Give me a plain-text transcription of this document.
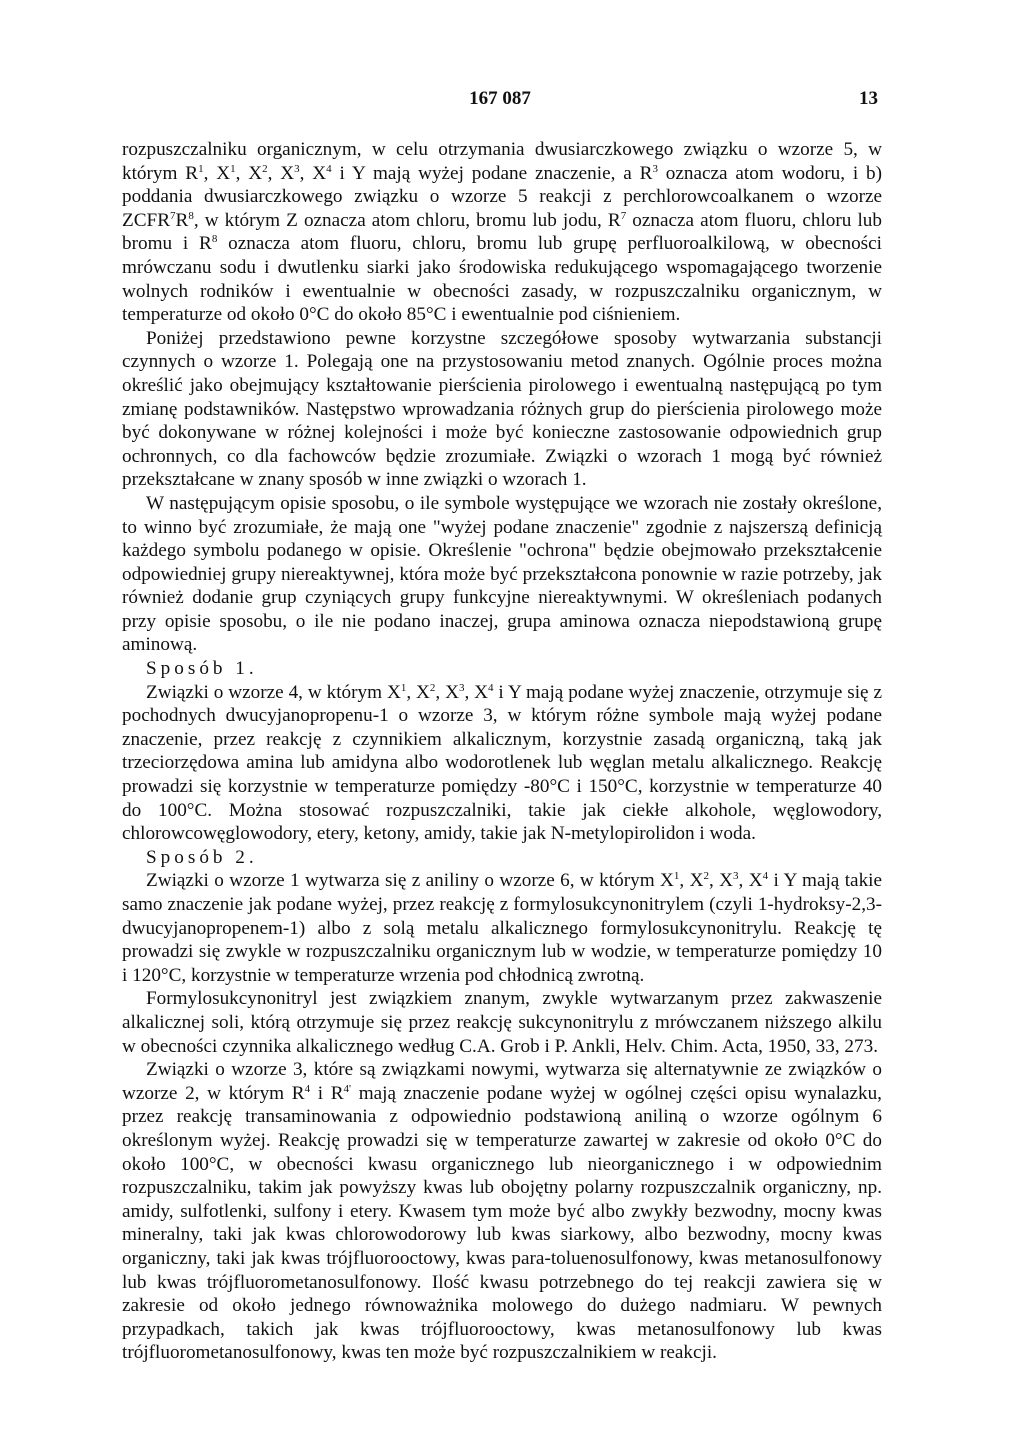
167 087	13

rozpuszczalniku organicznym, w celu otrzymania dwusiarczkowego związku o wzorze 5, w którym $R^1$, $X^1$, $X^2$, $X^3$, $X^4$ i Y mają wyżej podane znaczenie, a $R^3$ oznacza atom wodoru, i b) poddania dwusiarczkowego związku o wzorze 5 reakcji z perchlorowcoalkanem o wzorze $ZCFR^7R^8$, w którym Z oznacza atom chloru, bromu lub jodu, $R^7$ oznacza atom fluoru, chloru lub bromu i $R^8$ oznacza atom fluoru, chloru, bromu lub grupę perfluoroalkilową, w obecności mrówczanu sodu i dwutlenku siarki jako środowiska redukującego wspomagającego tworzenie wolnych rodników i ewentualnie w obecności zasady, w rozpuszczalniku organicznym, w temperaturze od około 0°C do około 85°C i ewentualnie pod ciśnieniem.

Poniżej przedstawiono pewne korzystne szczegółowe sposoby wytwarzania substancji czynnych o wzorze 1. Polegają one na przystosowaniu metod znanych. Ogólnie proces można określić jako obejmujący kształtowanie pierścienia pirolowego i ewentualną następującą po tym zmianę podstawników. Następstwo wprowadzania różnych grup do pierścienia pirolowego może być dokonywane w różnej kolejności i może być konieczne zastosowanie odpowiednich grup ochronnych, co dla fachowców będzie zrozumiałe. Związki o wzorach 1 mogą być również przekształcane w znany sposób w inne związki o wzorach 1.

W następującym opisie sposobu, o ile symbole występujące we wzorach nie zostały określone, to winno być zrozumiałe, że mają one "wyżej podane znaczenie" zgodnie z najszerszą definicją każdego symbolu podanego w opisie. Określenie "ochrona" będzie obejmowało przekształcenie odpowiedniej grupy niereaktywnej, która może być przekształcona ponownie w razie potrzeby, jak również dodanie grup czyniących grupy funkcyjne niereaktywnymi. W określeniach podanych przy opisie sposobu, o ile nie podano inaczej, grupa aminowa oznacza niepodstawioną grupę aminową.

Sposób 1.

Związki o wzorze 4, w którym $X^1$, $X^2$, $X^3$, $X^4$ i Y mają podane wyżej znaczenie, otrzymuje się z pochodnych dwucyjanopropenu-1 o wzorze 3, w którym różne symbole mają wyżej podane znaczenie, przez reakcję z czynnikiem alkalicznym, korzystnie zasadą organiczną, taką jak trzeciorzędowa amina lub amidyna albo wodorotlenek lub węglan metalu alkalicznego. Reakcję prowadzi się korzystnie w temperaturze pomiędzy -80°C i 150°C, korzystnie w temperaturze 40 do 100°C. Można stosować rozpuszczalniki, takie jak ciekłe alkohole, węglowodory, chlorowcowęglowodory, etery, ketony, amidy, takie jak N-metylopirolidon i woda.

Sposób 2.

Związki o wzorze 1 wytwarza się z aniliny o wzorze 6, w którym $X^1$, $X^2$, $X^3$, $X^4$ i Y mają takie samo znaczenie jak podane wyżej, przez reakcję z formylosukcynonitrylem (czyli 1-hydroksy-2,3-dwucyjanopropenem-1) albo z solą metalu alkalicznego formylosukcynonitrylu. Reakcję tę prowadzi się zwykle w rozpuszczalniku organicznym lub w wodzie, w temperaturze pomiędzy 10 i 120°C, korzystnie w temperaturze wrzenia pod chłodnicą zwrotną.

Formylosukcynonitryl jest związkiem znanym, zwykle wytwarzanym przez zakwaszenie alkalicznej soli, którą otrzymuje się przez reakcję sukcynonitrylu z mrówczanem niższego alkilu w obecności czynnika alkalicznego według C.A. Grob i P. Ankli, Helv. Chim. Acta, 1950, 33, 273.

Związki o wzorze 3, które są związkami nowymi, wytwarza się alternatywnie ze związków o wzorze 2, w którym $R^4$ i $R^{4'}$ mają znaczenie podane wyżej w ogólnej części opisu wynalazku, przez reakcję transaminowania z odpowiednio podstawioną aniliną o wzorze ogólnym 6 określonym wyżej. Reakcję prowadzi się w temperaturze zawartej w zakresie od około 0°C do około 100°C, w obecności kwasu organicznego lub nieorganicznego i w odpowiednim rozpuszczalniku, takim jak powyższy kwas lub obojętny polarny rozpuszczalnik organiczny, np. amidy, sulfotlenki, sulfony i etery. Kwasem tym może być albo zwykły bezwodny, mocny kwas mineralny, taki jak kwas chlorowodorowy lub kwas siarkowy, albo bezwodny, mocny kwas organiczny, taki jak kwas trójfluorooctowy, kwas para-toluenosulfonowy, kwas metanosulfonowy lub kwas trójfluorometanosulfonowy. Ilość kwasu potrzebnego do tej reakcji zawiera się w zakresie od około jednego równoważnika molowego do dużego nadmiaru. W pewnych przypadkach, takich jak kwas trójfluorooctowy, kwas metanosulfonowy lub kwas trójfluorometanosulfonowy, kwas ten może być rozpuszczalnikiem w reakcji.
